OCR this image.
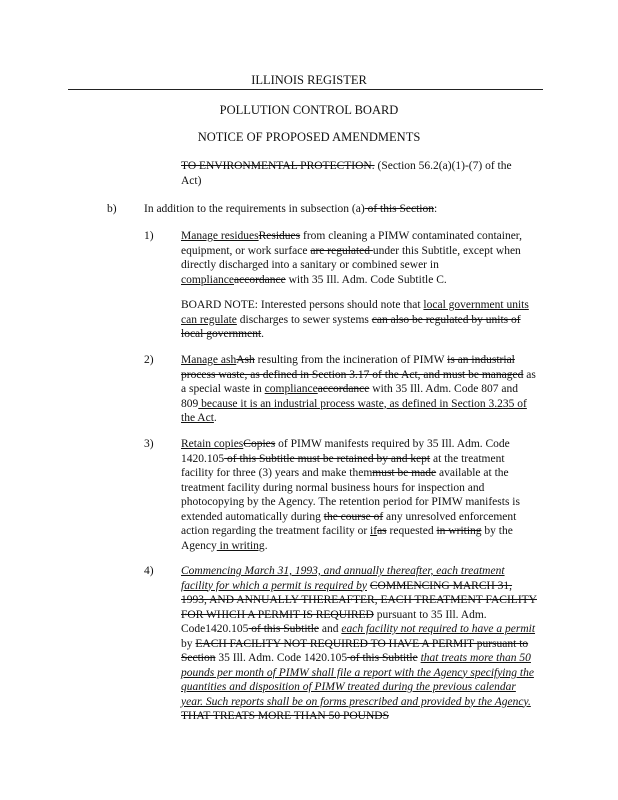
ILLINOIS REGISTER
POLLUTION CONTROL BOARD
NOTICE OF PROPOSED AMENDMENTS
TO ENVIRONMENTAL PROTECTION. (Section 56.2(a)(1)-(7) of the
Act)
b) In addition to the requirements in subsection (a) of this Section:
1) Manage residuesResidues from cleaning a PIMW contaminated container, equipment, or work surface are regulated under this Subtitle, except when directly discharged into a sanitary or combined sewer in complianceaccordance with 35 Ill. Adm. Code Subtitle C.
BOARD NOTE: Interested persons should note that local government units can regulate discharges to sewer systems can also be regulated by units of local government.
2) Manage ashAsh resulting from the incineration of PIMW is an industrial process waste, as defined in Section 3.17 of the Act, and must be managed as a special waste in complianceaccordance with 35 Ill. Adm. Code 807 and 809 because it is an industrial process waste, as defined in Section 3.235 of the Act.
3) Retain copiesCopies of PIMW manifests required by 35 Ill. Adm. Code 1420.105 of this Subtitle must be retained by and kept at the treatment facility for three (3) years and make themmust be made available at the treatment facility during normal business hours for inspection and photocopying by the Agency. The retention period for PIMW manifests is extended automatically during the course of any unresolved enforcement action regarding the treatment facility or ifas requested in writing by the Agency in writing.
4) Commencing March 31, 1993, and annually thereafter, each treatment facility for which a permit is required by COMMENCING MARCH 31, 1993, AND ANNUALLY THEREAFTER, EACH TREATMENT FACILITY FOR WHICH A PERMIT IS REQUIRED pursuant to 35 Ill. Adm. Code1420.105 of this Subtitle and each facility not required to have a permit by EACH FACILITY NOT REQUIRED TO HAVE A PERMIT pursuant to Section 35 Ill. Adm. Code 1420.105 of this Subtitle that treats more than 50 pounds per month of PIMW shall file a report with the Agency specifying the quantities and disposition of PIMW treated during the previous calendar year. Such reports shall be on forms prescribed and provided by the Agency. THAT TREATS MORE THAN 50 POUNDS
